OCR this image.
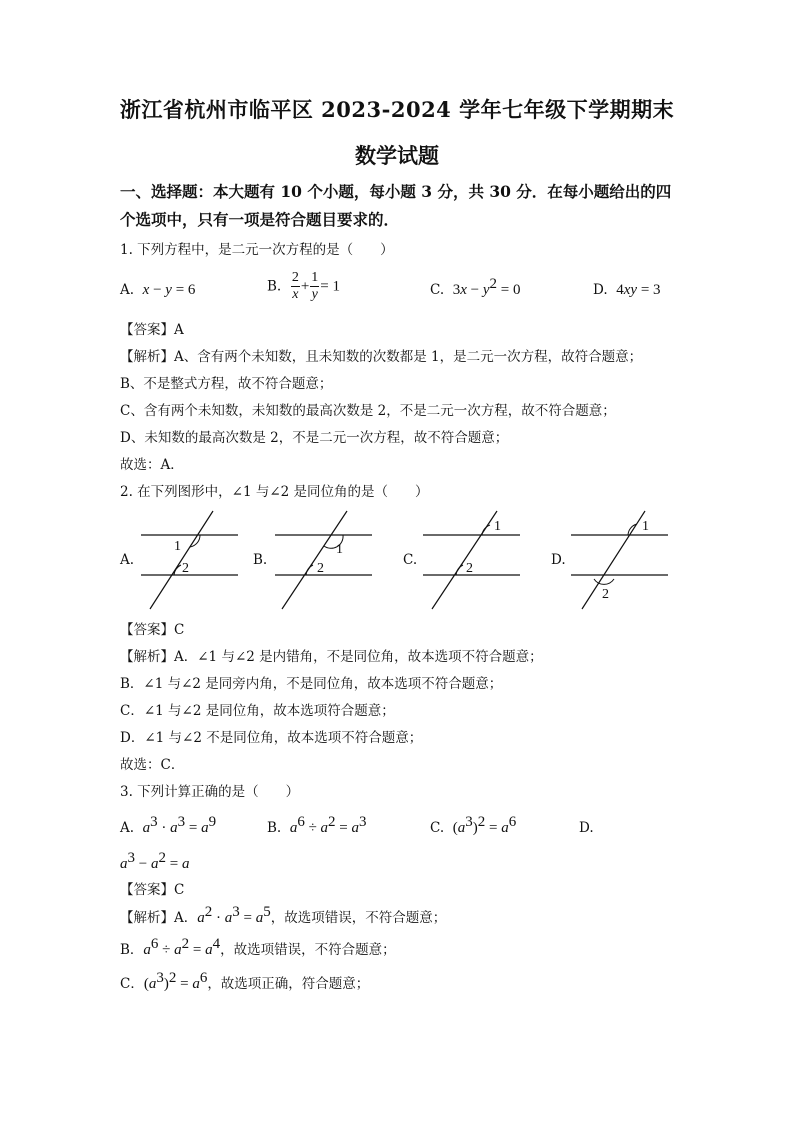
浙江省杭州市临平区 2023-2024 学年七年级下学期期末
数学试题
一、选择题：本大题有 10 个小题，每小题 3 分，共 30 分．在每小题给出的四个选项中，只有一项是符合题目要求的．
1. 下列方程中，是二元一次方程的是（　　）
A. x − y = 6	B. $\frac{2}{x} + \frac{1}{y} = 1$	C. $3x - y^2 = 0$	D. 4xy = 3
【答案】A
【解析】A、含有两个未知数，且未知数的次数都是 1，是二元一次方程，故符合题意；
B、不是整式方程，故不符合题意；
C、含有两个未知数，未知数的最高次数是 2，不是二元一次方程，故不符合题意；
D、未知数的最高次数是 2，不是二元一次方程，故不符合题意；
故选：A．
2. 在下列图形中，∠1 与∠2 是同位角的是（　　）
A.
1
2
B.
1
2
C.
1
2
D.
1
2
【答案】C
【解析】A．∠1 与∠2 是内错角，不是同位角，故本选项不符合题意；
B．∠1 与∠2 是同旁内角，不是同位角，故本选项不符合题意；
C．∠1 与∠2 是同位角，故本选项符合题意；
D．∠1 与∠2 不是同位角，故本选项不符合题意；
故选：C．
3. 下列计算正确的是（　　）
A. $a^3 \cdot a^3 = a^9$	B. $a^6 \div a^2 = a^3$	C. $(a^3)^2 = a^6$	D.
$a^3 - a^2 = a$
【答案】C
【解析】A．$a^2 \cdot a^3 = a^5$，故选项错误，不符合题意；
B．$a^6 \div a^2 = a^4$，故选项错误，不符合题意；
C．$(a^3)^2 = a^6$，故选项正确，符合题意；
